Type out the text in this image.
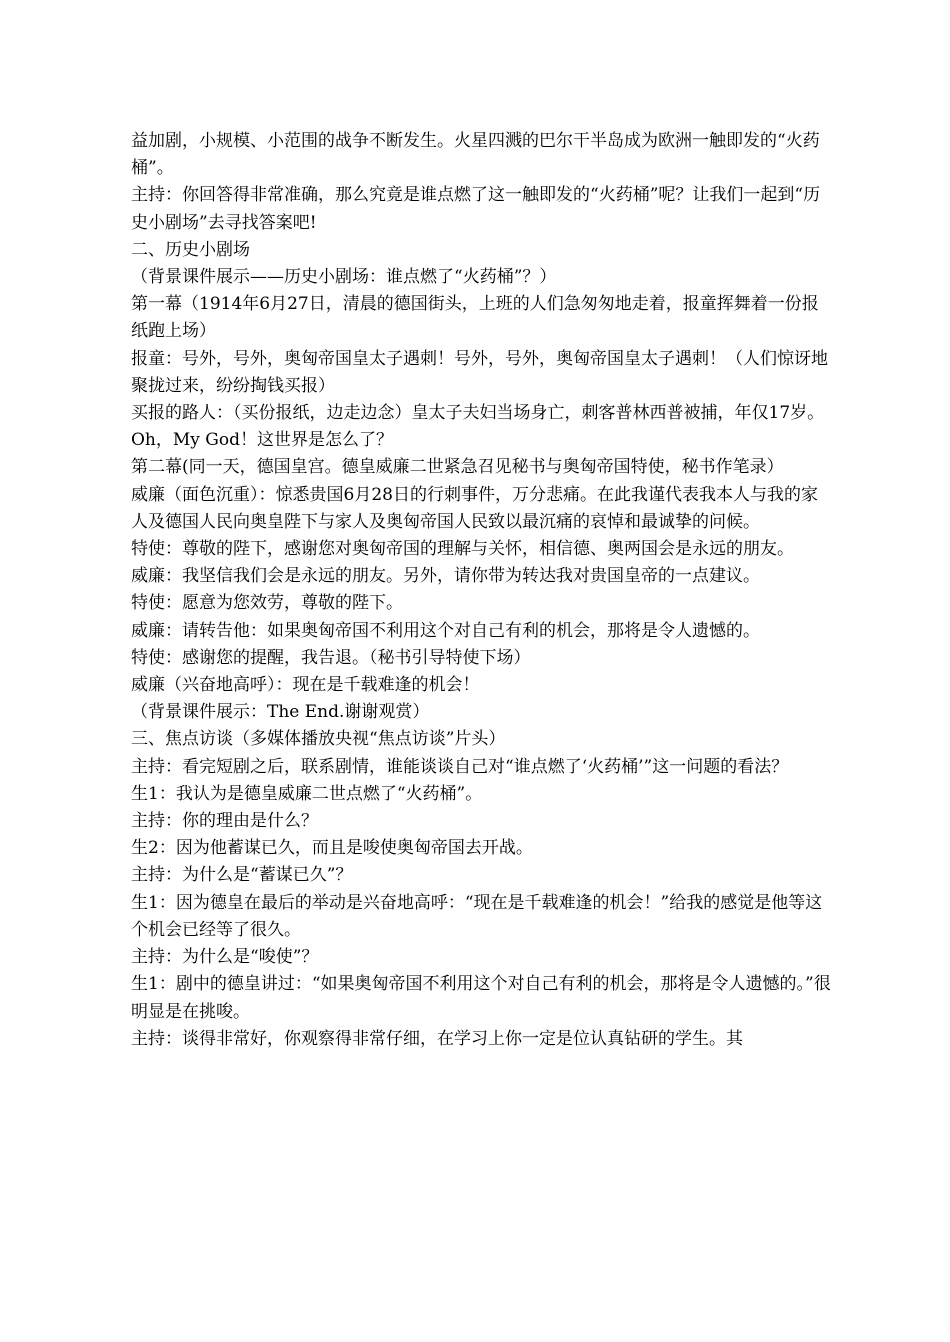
益加剧，小规模、小范围的战争不断发生。火星四溅的巴尔干半岛成为欧洲一触即发的“火药桶”。

主持：你回答得非常准确，那么究竟是谁点燃了这一触即发的“火药桶”呢？让我们一起到“历史小剧场”去寻找答案吧!

二、历史小剧场

（背景课件展示——历史小剧场：谁点燃了“火药桶”？）

第一幕（1914年6月27日，清晨的德国街头，上班的人们急匆匆地走着，报童挥舞着一份报纸跑上场）

报童：号外，号外，奥匈帝国皇太子遇刺！号外，号外，奥匈帝国皇太子遇刺！（人们惊讶地聚拢过来，纷纷掏钱买报）

买报的路人：（买份报纸，边走边念）皇太子夫妇当场身亡，刺客普林西普被捕，年仅17岁。Oh，My God！这世界是怎么了？

第二幕(同一天，德国皇宫。德皇威廉二世紧急召见秘书与奥匈帝国特使，秘书作笔录）

威廉（面色沉重）：惊悉贵国6月28日的行刺事件，万分悲痛。在此我谨代表我本人与我的家人及德国人民向奥皇陛下与家人及奥匈帝国人民致以最沉痛的哀悼和最诚挚的问候。

特使：尊敬的陛下，感谢您对奥匈帝国的理解与关怀，相信德、奥两国会是永远的朋友。

威廉：我坚信我们会是永远的朋友。另外，请你带为转达我对贵国皇帝的一点建议。

特使：愿意为您效劳，尊敬的陛下。

威廉：请转告他：如果奥匈帝国不利用这个对自己有利的机会，那将是令人遗憾的。

特使：感谢您的提醒，我告退。（秘书引导特使下场）

威廉（兴奋地高呼）：现在是千载难逢的机会！

（背景课件展示：The End.谢谢观赏）

三、焦点访谈（多媒体播放央视“焦点访谈”片头）

主持：看完短剧之后，联系剧情，谁能谈谈自己对“谁点燃了‘火药桶’”这一问题的看法？

生1：我认为是德皇威廉二世点燃了“火药桶”。

主持：你的理由是什么？

生2：因为他蓄谋已久，而且是唆使奥匈帝国去开战。

主持：为什么是“蓄谋已久”？

生1：因为德皇在最后的举动是兴奋地高呼：“现在是千载难逢的机会！”给我的感觉是他等这个机会已经等了很久。

主持：为什么是“唆使”？

生1：剧中的德皇讲过：“如果奥匈帝国不利用这个对自己有利的机会，那将是令人遗憾的。”很明显是在挑唆。

主持：谈得非常好，你观察得非常仔细，在学习上你一定是位认真钻研的学生。其
